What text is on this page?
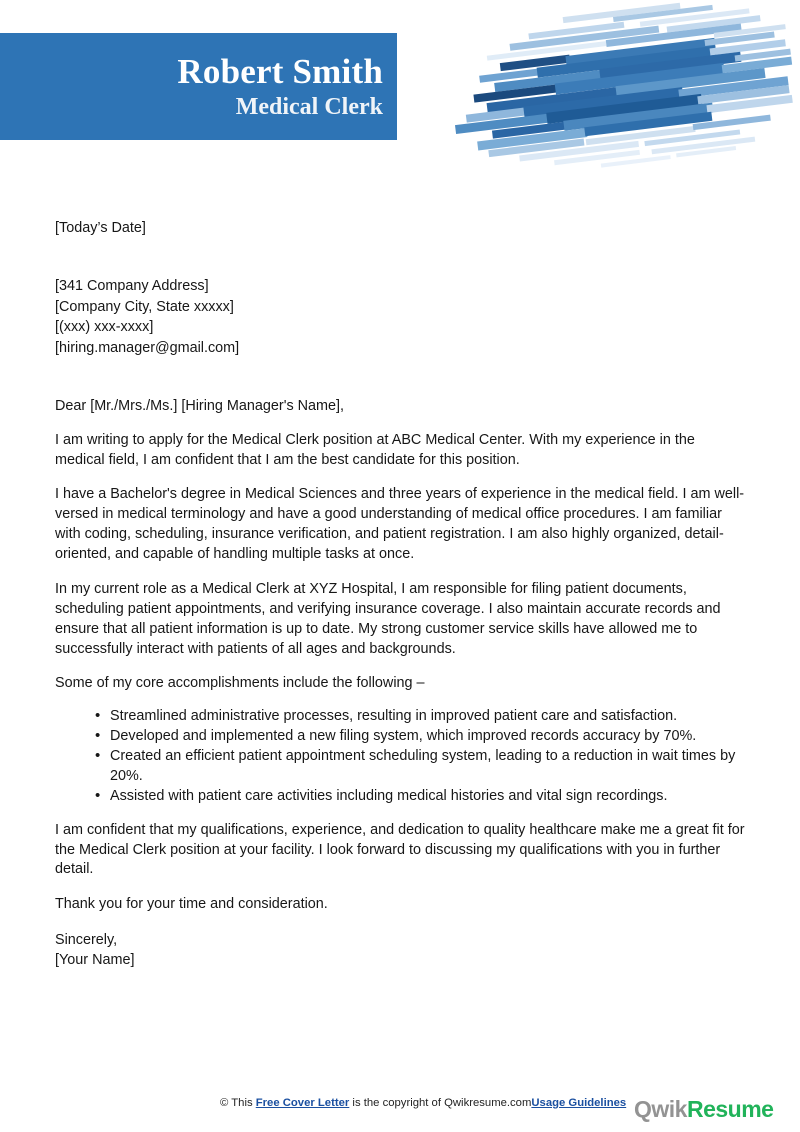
Robert Smith
Medical Clerk
[Today’s Date]
[341 Company Address]
[Company City, State xxxxx]
[(xxx) xxx-xxxx]
[hiring.manager@gmail.com]
Dear [Mr./Mrs./Ms.] [Hiring Manager's Name],

I am writing to apply for the Medical Clerk position at ABC Medical Center. With my experience in the medical field, I am confident that I am the best candidate for this position.

I have a Bachelor's degree in Medical Sciences and three years of experience in the medical field. I am well-versed in medical terminology and have a good understanding of medical office procedures. I am familiar with coding, scheduling, insurance verification, and patient registration. I am also highly organized, detail-oriented, and capable of handling multiple tasks at once.

In my current role as a Medical Clerk at XYZ Hospital, I am responsible for filing patient documents, scheduling patient appointments, and verifying insurance coverage. I also maintain accurate records and ensure that all patient information is up to date. My strong customer service skills have allowed me to successfully interact with patients of all ages and backgrounds.

Some of my core accomplishments include the following –

• Streamlined administrative processes, resulting in improved patient care and satisfaction.
• Developed and implemented a new filing system, which improved records accuracy by 70%.
• Created an efficient patient appointment scheduling system, leading to a reduction in wait times by 20%.
• Assisted with patient care activities including medical histories and vital sign recordings.

I am confident that my qualifications, experience, and dedication to quality healthcare make me a great fit for the Medical Clerk position at your facility. I look forward to discussing my qualifications with you in further detail.

Thank you for your time and consideration.

Sincerely,
[Your Name]
© This Free Cover Letter is the copyright of Qwikresume.comUsage Guidelines QwikResume
